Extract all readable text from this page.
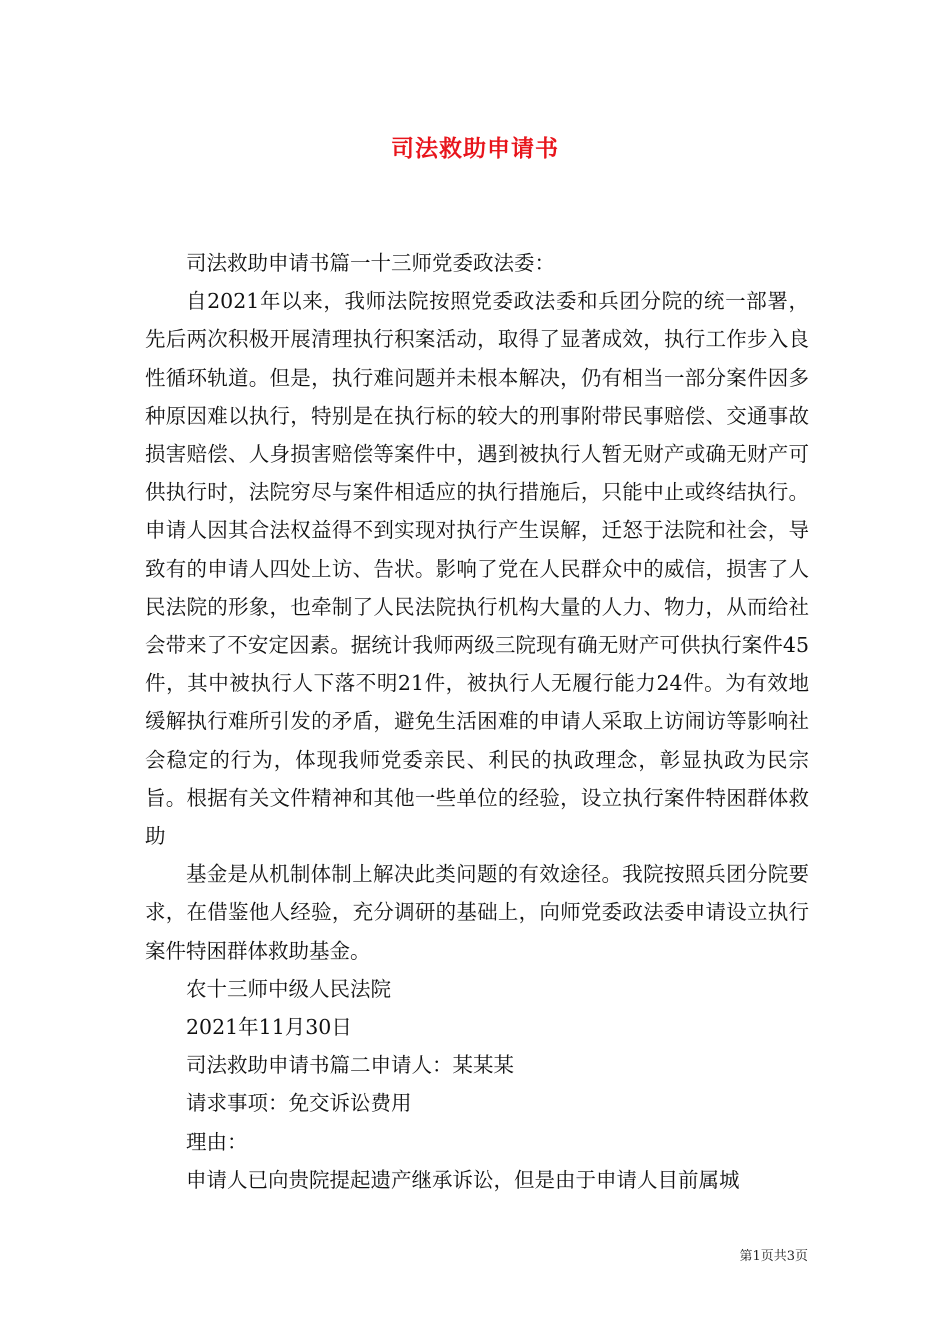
司法救助申请书

司法救助申请书篇一十三师党委政法委：

自2021年以来，我师法院按照党委政法委和兵团分院的统一部署，先后两次积极开展清理执行积案活动，取得了显著成效，执行工作步入良性循环轨道。但是，执行难问题并未根本解决，仍有相当一部分案件因多种原因难以执行，特别是在执行标的较大的刑事附带民事赔偿、交通事故损害赔偿、人身损害赔偿等案件中，遇到被执行人暂无财产或确无财产可供执行时，法院穷尽与案件相适应的执行措施后，只能中止或终结执行。申请人因其合法权益得不到实现对执行产生误解，迁怒于法院和社会，导致有的申请人四处上访、告状。影响了党在人民群众中的威信，损害了人民法院的形象，也牵制了人民法院执行机构大量的人力、物力，从而给社会带来了不安定因素。据统计我师两级三院现有确无财产可供执行案件45件，其中被执行人下落不明21件，被执行人无履行能力24件。为有效地缓解执行难所引发的矛盾，避免生活困难的申请人采取上访闹访等影响社会稳定的行为，体现我师党委亲民、利民的执政理念，彰显执政为民宗旨。根据有关文件精神和其他一些单位的经验，设立执行案件特困群体救助

基金是从机制体制上解决此类问题的有效途径。我院按照兵团分院要求，在借鉴他人经验，充分调研的基础上，向师党委政法委申请设立执行案件特困群体救助基金。

农十三师中级人民法院

2021年11月30日

司法救助申请书篇二申请人：某某某

请求事项：免交诉讼费用

理由：

申请人已向贵院提起遗产继承诉讼，但是由于申请人目前属城

第1页共3页
